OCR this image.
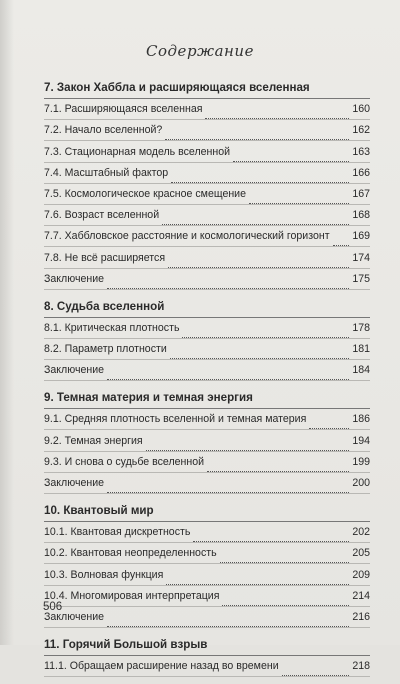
Содержание
7. Закон Хаббла и расширяющаяся вселенная
7.1. Расширяющаяся вселенная	160
7.2. Начало вселенной?	162
7.3. Стационарная модель вселенной	163
7.4. Масштабный фактор	166
7.5. Космологическое красное смещение	167
7.6. Возраст вселенной	168
7.7. Хаббловское расстояние и космологический горизонт 169
7.8. Не всё расширяется	174
Заключение	175
8. Судьба вселенной
8.1. Критическая плотность	178
8.2. Параметр плотности	181
Заключение	184
9. Темная материя и темная энергия
9.1. Средняя плотность вселенной и темная материя	186
9.2. Темная энергия	194
9.3. И снова о судьбе вселенной	199
Заключение	200
10. Квантовый мир
10.1. Квантовая дискретность	202
10.2. Квантовая неопределенность	205
10.3. Волновая функция	209
10.4. Многомировая интерпретация	214
Заключение	216
11. Горячий Большой взрыв
11.1. Обращаем расширение назад во времени	218
506
